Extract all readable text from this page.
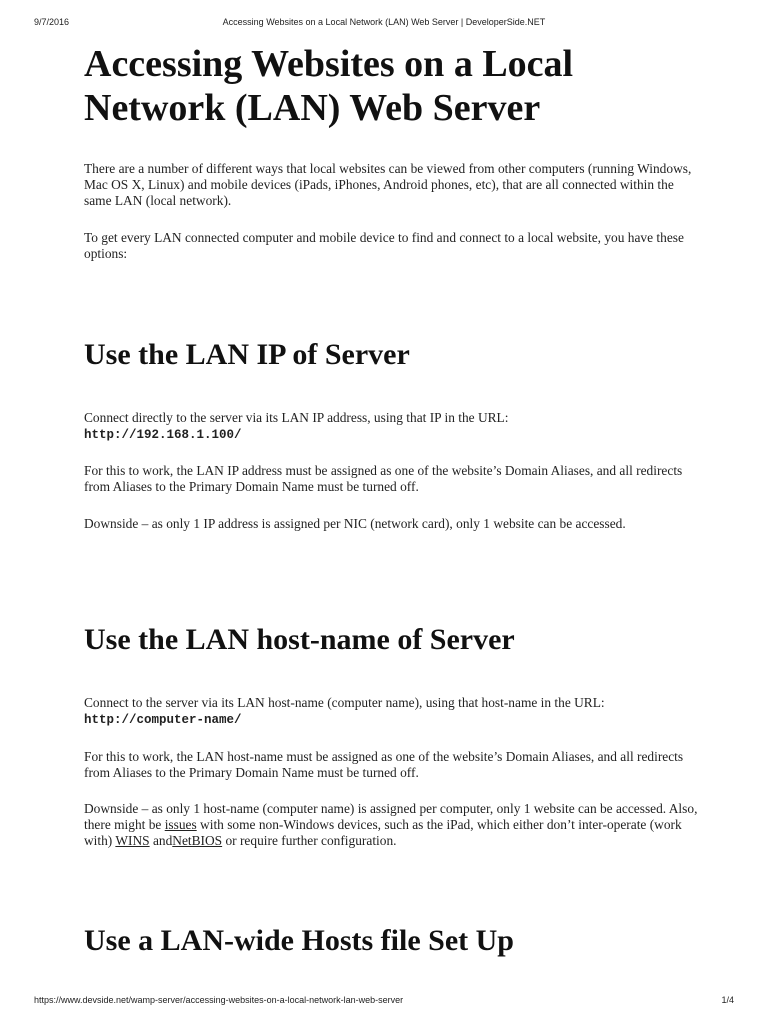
9/7/2016	Accessing Websites on a Local Network (LAN) Web Server | DeveloperSide.NET
Accessing Websites on a Local
Network (LAN) Web Server

There are a number of different ways that local websites can be viewed from other computers (running Windows, Mac OS X, Linux) and mobile devices (iPads, iPhones, Android phones, etc), that are all connected within the same LAN (local network).

To get every LAN connected computer and mobile device to find and connect to a local website, you have these options:

Use the LAN IP of Server

Connect directly to the server via its LAN IP address, using that IP in the URL:
http://192.168.1.100/

For this to work, the LAN IP address must be assigned as one of the website’s Domain Aliases, and all redirects from Aliases to the Primary Domain Name must be turned off.

Downside – as only 1 IP address is assigned per NIC (network card), only 1 website can be accessed.

Use the LAN host-name of Server

Connect to the server via its LAN host-name (computer name), using that host-name in the URL:
http://computer-name/

For this to work, the LAN host-name must be assigned as one of the website’s Domain Aliases, and all redirects from Aliases to the Primary Domain Name must be turned off.

Downside – as only 1 host-name (computer name) is assigned per computer, only 1 website can be accessed. Also, there might be issues with some non-Windows devices, such as the iPad, which either don’t inter-operate (work with) WINS andNetBIOS or require further configuration.

Use a LAN-wide Hosts file Set Up
https://www.devside.net/wamp-server/accessing-websites-on-a-local-network-lan-web-server	1/4
